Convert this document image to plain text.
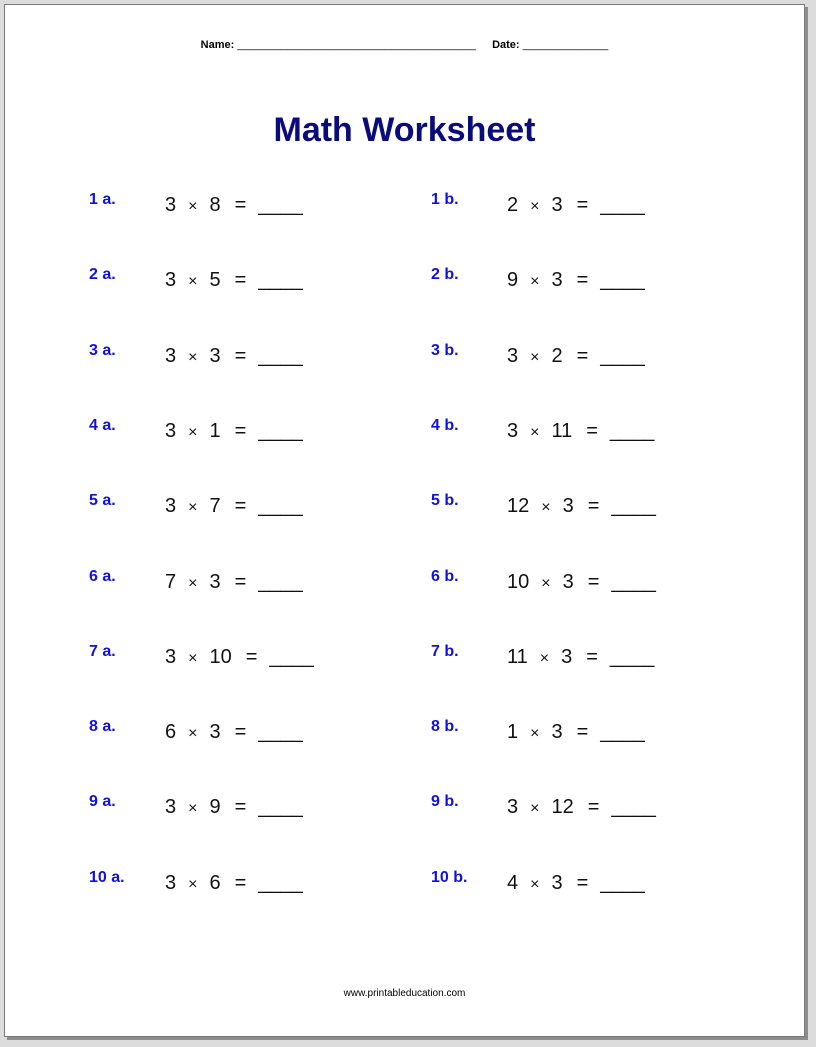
Name: _______________________________________ Date: ______________
Math Worksheet
1 a. 3 × 8 = ____
2 a. 3 × 5 = ____
3 a. 3 × 3 = ____
4 a. 3 × 1 = ____
5 a. 3 × 7 = ____
6 a. 7 × 3 = ____
7 a. 3 × 10 = ____
8 a. 6 × 3 = ____
9 a. 3 × 9 = ____
10 a. 3 × 6 = ____
1 b. 2 × 3 = ____
2 b. 9 × 3 = ____
3 b. 3 × 2 = ____
4 b. 3 × 11 = ____
5 b. 12 × 3 = ____
6 b. 10 × 3 = ____
7 b. 11 × 3 = ____
8 b. 1 × 3 = ____
9 b. 3 × 12 = ____
10 b. 4 × 3 = ____
www.printableducation.com
